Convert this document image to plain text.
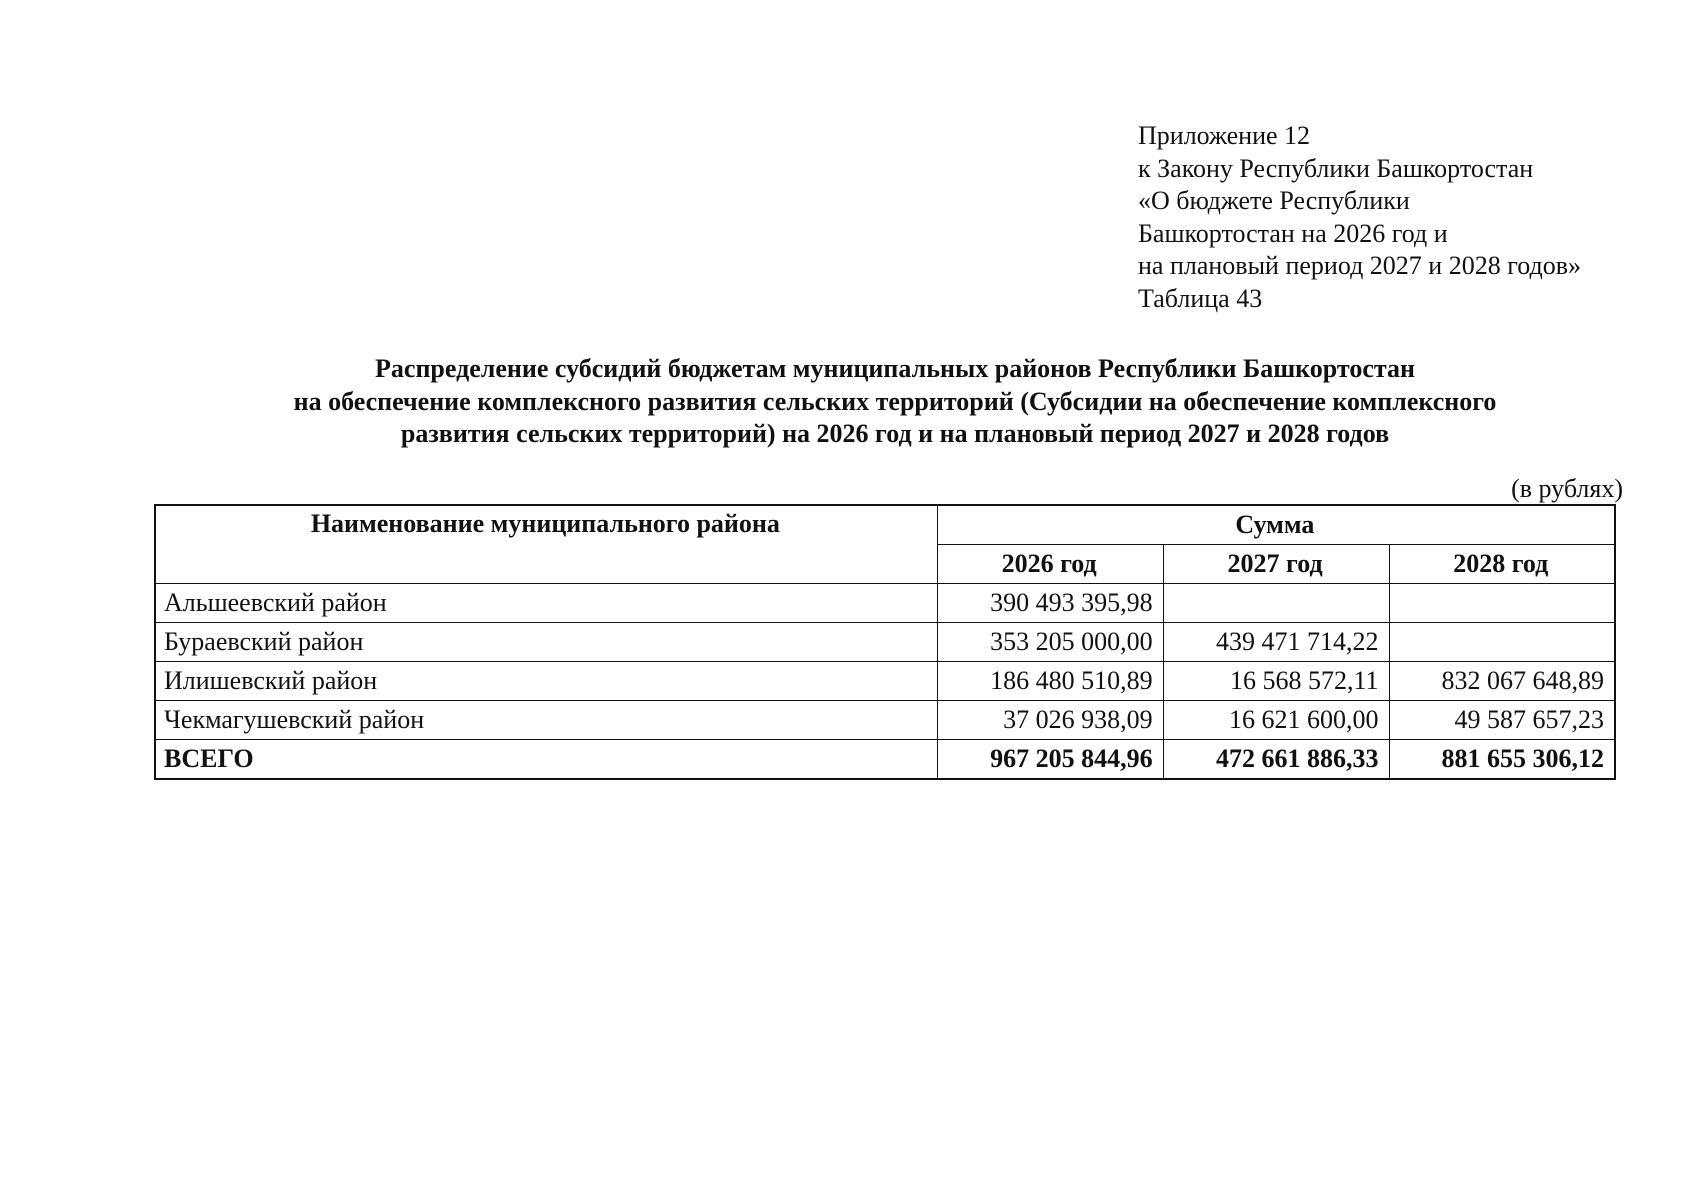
Приложение 12
к Закону Республики Башкортостан
«О бюджете Республики
Башкортостан на 2026 год и
на плановый период 2027 и 2028 годов»
Таблица 43
Распределение субсидий бюджетам муниципальных районов Республики Башкортостан
на обеспечение комплексного развития сельских территорий (Субсидии на обеспечение комплексного
развития сельских территорий) на 2026 год и на плановый период 2027 и 2028 годов
(в рублях)
Наименование муниципального района	Сумма		
	2026 год	2027 год	2028 год
Альшеевский район	390 493 395,98		
Бураевский район	353 205 000,00	439 471 714,22	
Илишевский район	186 480 510,89	16 568 572,11	832 067 648,89
Чекмагушевский район	37 026 938,09	16 621 600,00	49 587 657,23
ВСЕГО	967 205 844,96	472 661 886,33	881 655 306,12
